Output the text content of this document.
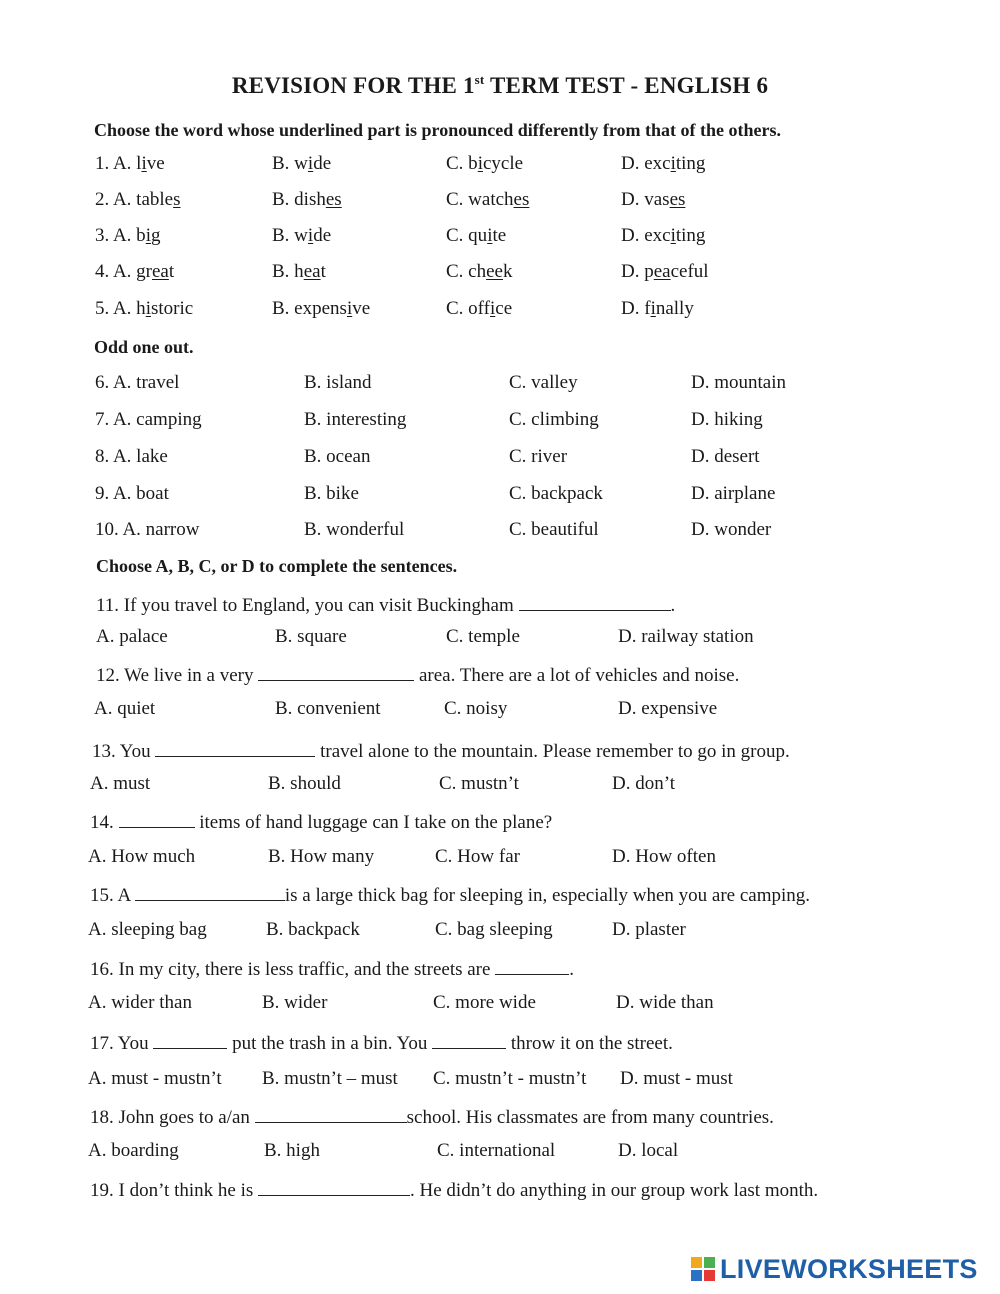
REVISION FOR THE 1st TERM TEST - ENGLISH 6
Choose the word whose underlined part is pronounced differently from that of the others.
1. A. live	B. wide	C. bicycle	D. exciting
2. A. tables	B. dishes	C. watches	D. vases
3. A. big	B. wide	C. quite	D. exciting
4. A. great	B. heat	C. cheek	D. peaceful
5. A. historic	B. expensive	C. office	D. finally
Odd one out.
6. A. travel	B. island	C. valley	D. mountain
7. A. camping	B. interesting	C. climbing	D. hiking
8. A. lake	B. ocean	C. river	D. desert
9. A. boat	B. bike	C. backpack	D. airplane
10. A. narrow	B. wonderful	C. beautiful	D. wonder
Choose A, B, C, or D to complete the sentences.
11. If you travel to England, you can visit Buckingham	.
A. palace	B. square	C. temple	D. railway station
12. We live in a very	area. There are a lot of vehicles and noise.
A. quiet	B. convenient	C. noisy	D. expensive
13. You	travel alone to the mountain. Please remember to go in group.
A. must	B. should	C. mustn’t	D. don’t
14.	items of hand luggage can I take on the plane?
A. How much	B. How many	C. How far	D. How often
15. A	is a large thick bag for sleeping in, especially when you are camping.
A. sleeping bag	B. backpack	C. bag sleeping	D. plaster
16. In my city, there is less traffic, and the streets are	.
A. wider than	B. wider	C. more wide	D. wide than
17. You	put the trash in a bin. You	throw it on the street.
A. must - mustn’t B. mustn’t – must C. mustn’t - mustn’t D. must - must
18. John goes to a/an	school. His classmates are from many countries.
A. boarding	B. high	C. international	D. local
19. I don’t think he is	. He didn’t do anything in our group work last month.
LIVEWORKSHEETS
